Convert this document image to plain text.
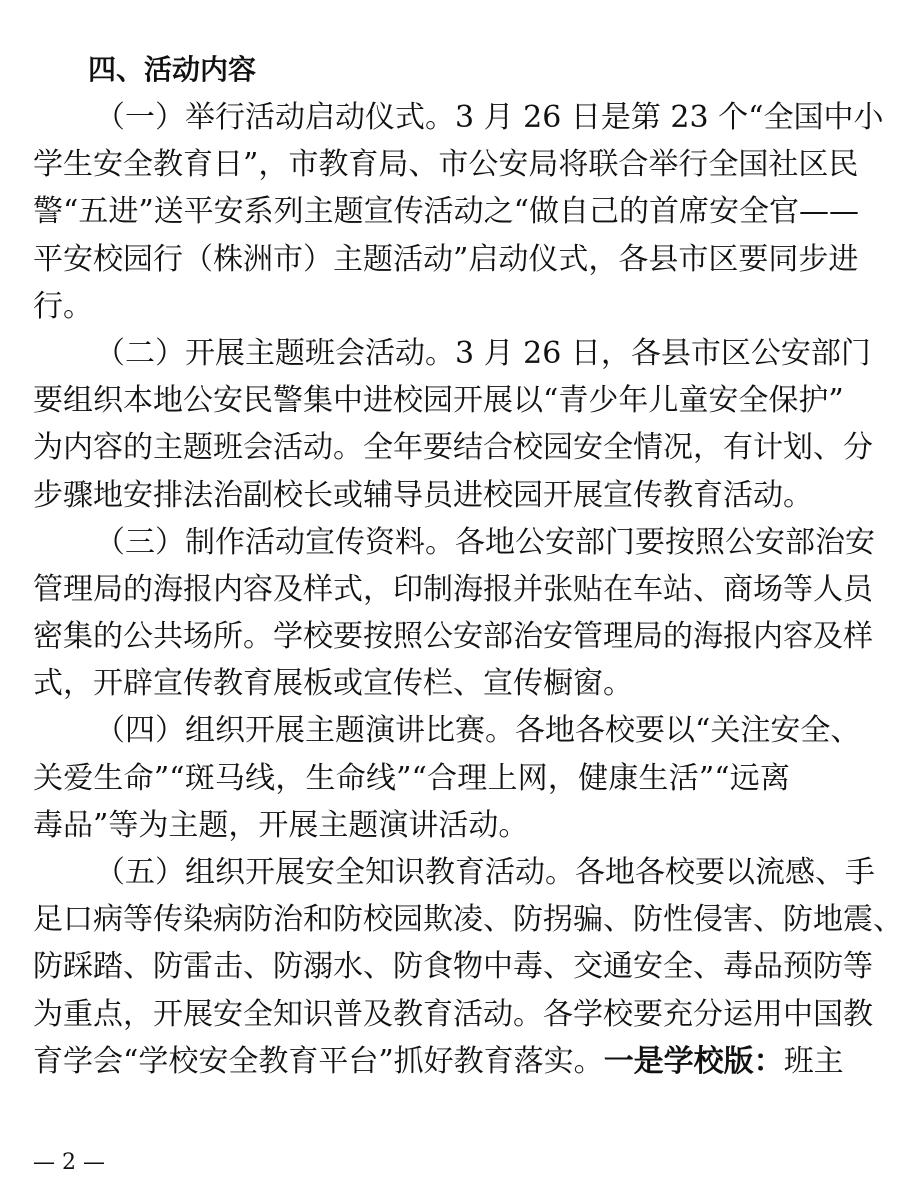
四、活动内容
（一）举行活动启动仪式。3 月 26 日是第 23 个“全国中小
学生安全教育日”，市教育局、市公安局将联合举行全国社区民
警“五进”送平安系列主题宣传活动之“做自己的首席安全官——
平安校园行（株洲市）主题活动”启动仪式，各县市区要同步进
行。
（二）开展主题班会活动。3 月 26 日，各县市区公安部门
要组织本地公安民警集中进校园开展以“青少年儿童安全保护”
为内容的主题班会活动。全年要结合校园安全情况，有计划、分
步骤地安排法治副校长或辅导员进校园开展宣传教育活动。
（三）制作活动宣传资料。各地公安部门要按照公安部治安
管理局的海报内容及样式，印制海报并张贴在车站、商场等人员
密集的公共场所。学校要按照公安部治安管理局的海报内容及样
式，开辟宣传教育展板或宣传栏、宣传橱窗。
（四）组织开展主题演讲比赛。各地各校要以“关注安全、
关爱生命”“斑马线，生命线”“合理上网，健康生活”“远离
毒品”等为主题，开展主题演讲活动。
（五）组织开展安全知识教育活动。各地各校要以流感、手
足口病等传染病防治和防校园欺凌、防拐骗、防性侵害、防地震、
防踩踏、防雷击、防溺水、防食物中毒、交通安全、毒品预防等
为重点，开展安全知识普及教育活动。各学校要充分运用中国教
育学会“学校安全教育平台”抓好教育落实。一是学校版：班主
— 2 —
